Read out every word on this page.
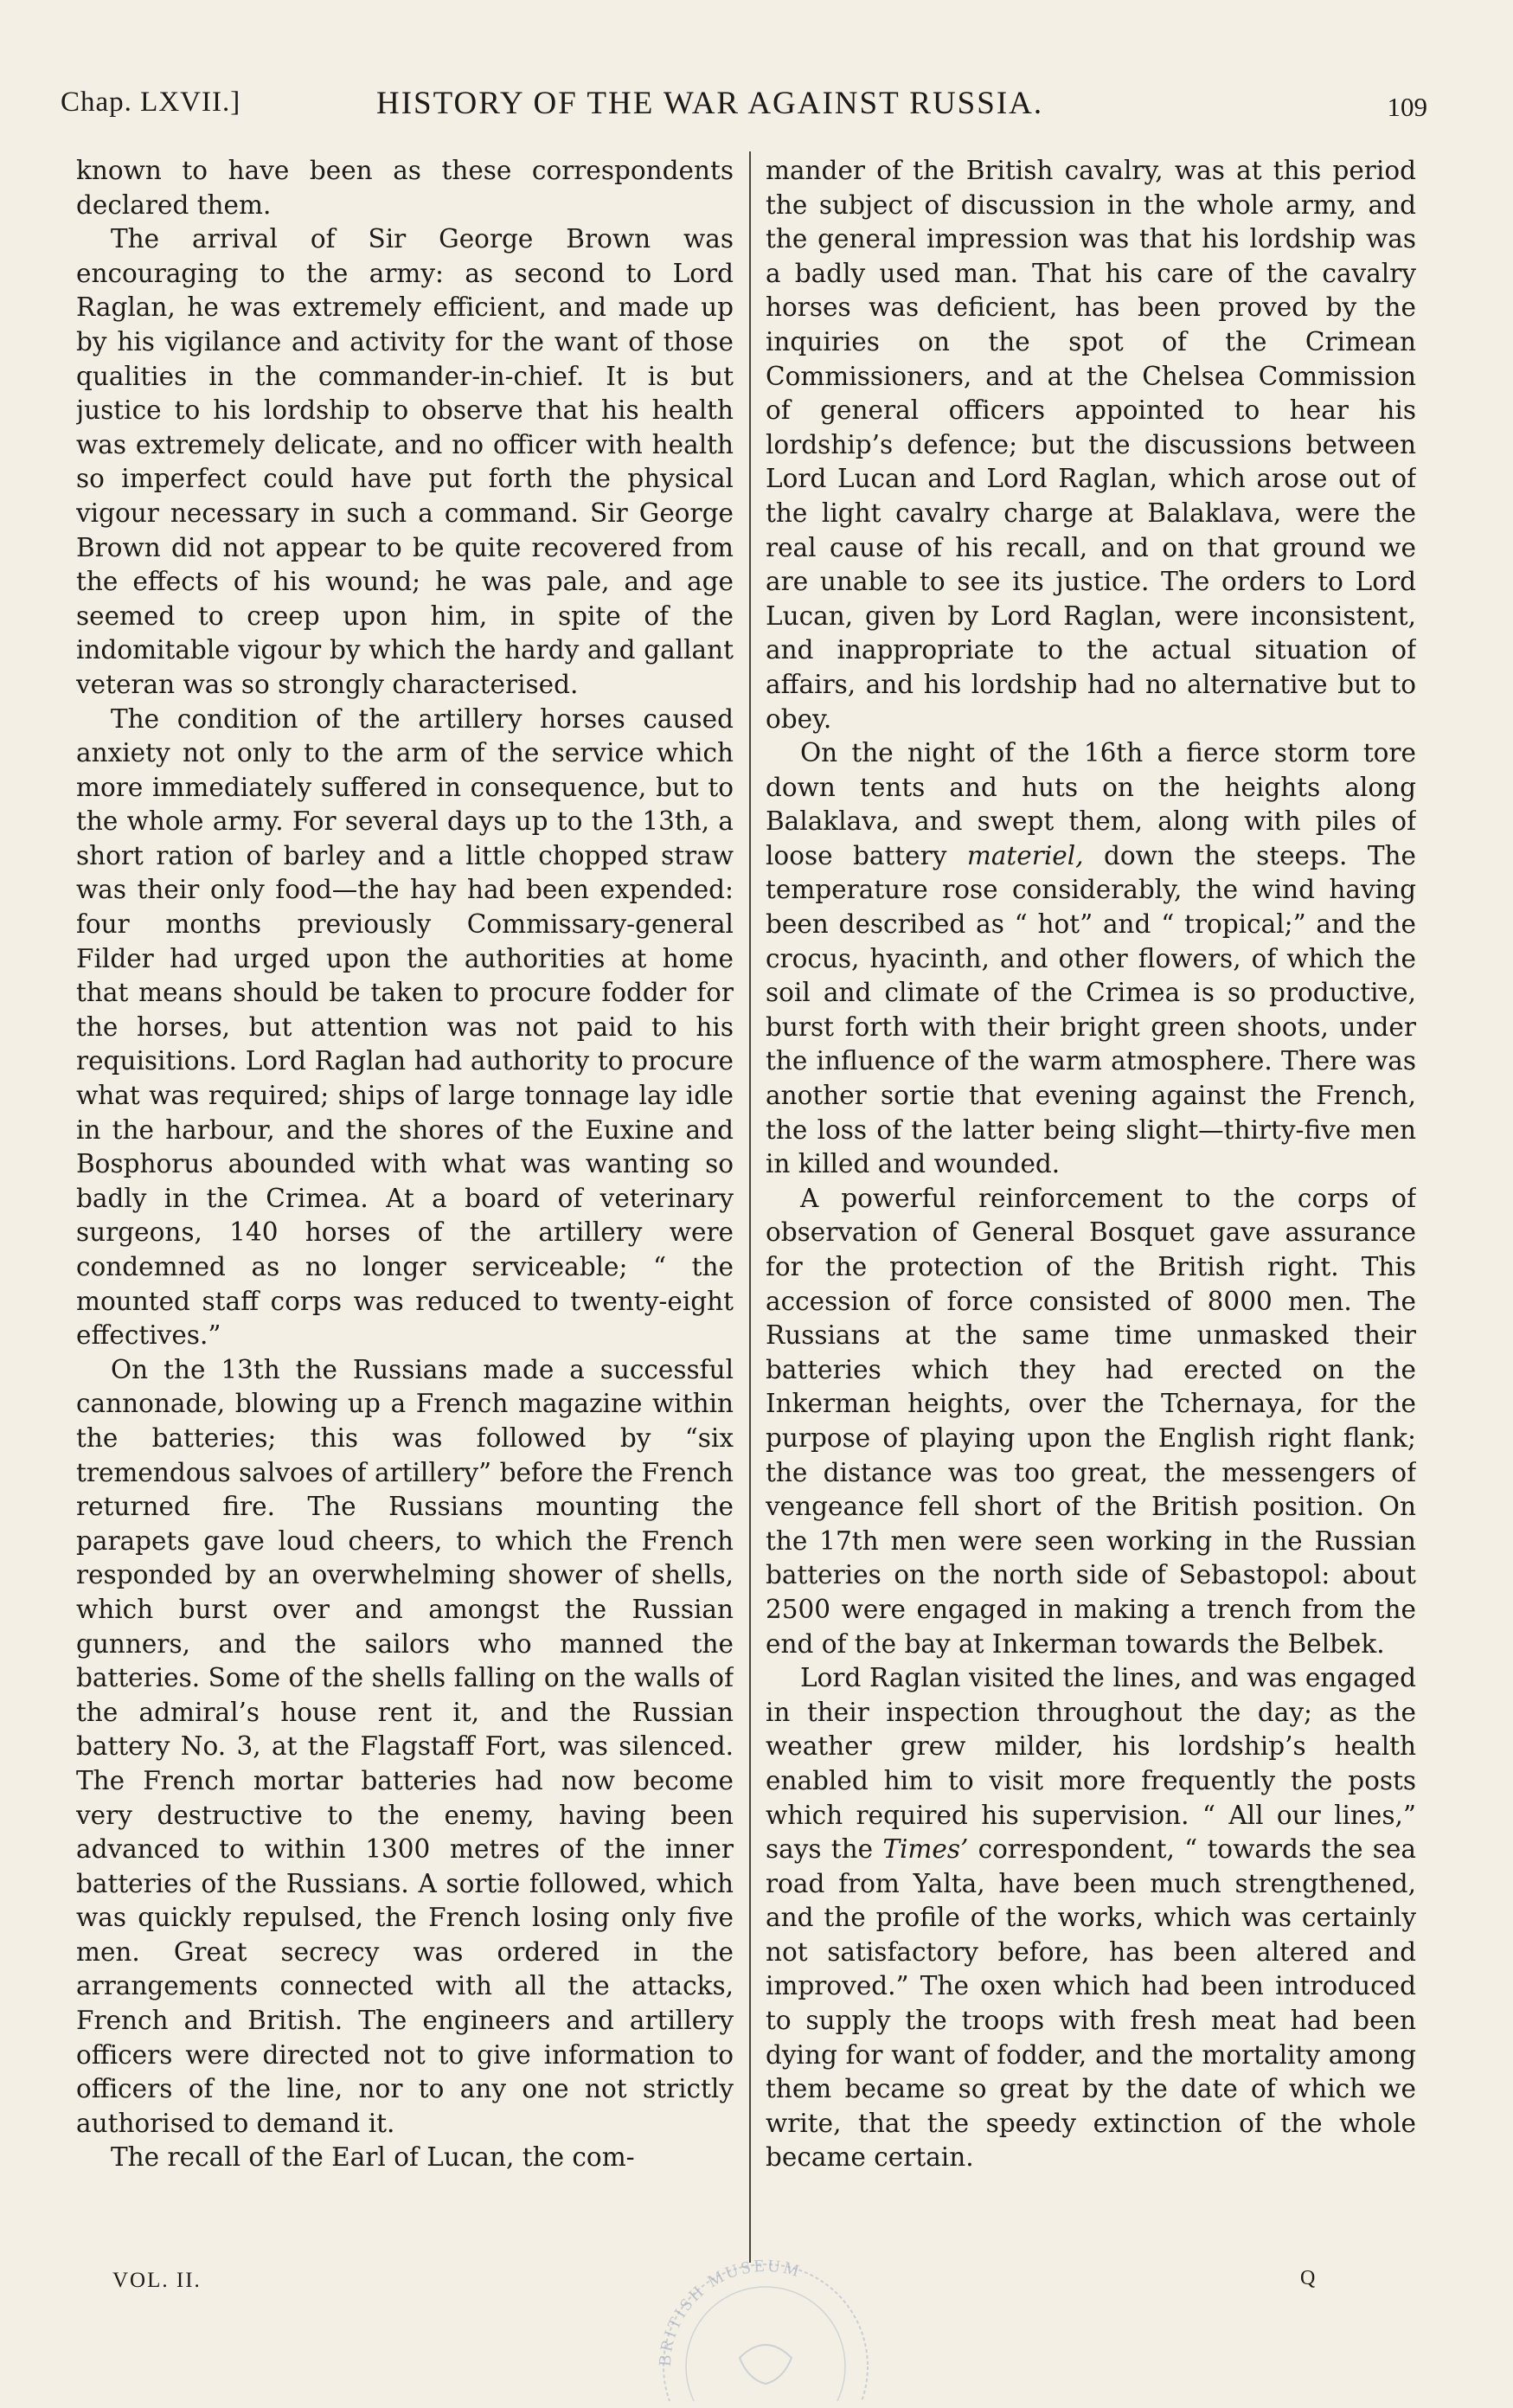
Chap. LXVII.]	HISTORY OF THE WAR AGAINST RUSSIA.	109

known to have been as these correspondents declared them.

The arrival of Sir George Brown was encouraging to the army: as second to Lord Raglan, he was extremely efficient, and made up by his vigilance and activity for the want of those qualities in the commander-in-chief. It is but justice to his lordship to observe that his health was extremely delicate, and no officer with health so imperfect could have put forth the physical vigour necessary in such a command. Sir George Brown did not appear to be quite recovered from the effects of his wound; he was pale, and age seemed to creep upon him, in spite of the indomitable vigour by which the hardy and gallant veteran was so strongly characterised.

The condition of the artillery horses caused anxiety not only to the arm of the service which more immediately suffered in consequence, but to the whole army. For several days up to the 13th, a short ration of barley and a little chopped straw was their only food—the hay had been expended: four months previously Commissary-general Filder had urged upon the authorities at home that means should be taken to procure fodder for the horses, but attention was not paid to his requisitions. Lord Raglan had authority to procure what was required; ships of large tonnage lay idle in the harbour, and the shores of the Euxine and Bosphorus abounded with what was wanting so badly in the Crimea. At a board of veterinary surgeons, 140 horses of the artillery were condemned as no longer serviceable; “ the mounted staff corps was reduced to twenty-eight effectives.”

On the 13th the Russians made a successful cannonade, blowing up a French magazine within the batteries; this was followed by “six tremendous salvoes of artillery” before the French returned fire. The Russians mounting the parapets gave loud cheers, to which the French responded by an overwhelming shower of shells, which burst over and amongst the Russian gunners, and the sailors who manned the batteries. Some of the shells falling on the walls of the admiral’s house rent it, and the Russian battery No. 3, at the Flagstaff Fort, was silenced. The French mortar batteries had now become very destructive to the enemy, having been advanced to within 1300 metres of the inner batteries of the Russians. A sortie followed, which was quickly repulsed, the French losing only five men. Great secrecy was ordered in the arrangements connected with all the attacks, French and British. The engineers and artillery officers were directed not to give information to officers of the line, nor to any one not strictly authorised to demand it.

The recall of the Earl of Lucan, the com-

mander of the British cavalry, was at this period the subject of discussion in the whole army, and the general impression was that his lordship was a badly used man. That his care of the cavalry horses was deficient, has been proved by the inquiries on the spot of the Crimean Commissioners, and at the Chelsea Commission of general officers appointed to hear his lordship’s defence; but the discussions between Lord Lucan and Lord Raglan, which arose out of the light cavalry charge at Balaklava, were the real cause of his recall, and on that ground we are unable to see its justice. The orders to Lord Lucan, given by Lord Raglan, were inconsistent, and inappropriate to the actual situation of affairs, and his lordship had no alternative but to obey.

On the night of the 16th a fierce storm tore down tents and huts on the heights along Balaklava, and swept them, along with piles of loose battery materiel, down the steeps. The temperature rose considerably, the wind having been described as “ hot” and “ tropical;” and the crocus, hyacinth, and other flowers, of which the soil and climate of the Crimea is so productive, burst forth with their bright green shoots, under the influence of the warm atmosphere. There was another sortie that evening against the French, the loss of the latter being slight—thirty-five men in killed and wounded.

A powerful reinforcement to the corps of observation of General Bosquet gave assurance for the protection of the British right. This accession of force consisted of 8000 men. The Russians at the same time unmasked their batteries which they had erected on the Inkerman heights, over the Tchernaya, for the purpose of playing upon the English right flank; the distance was too great, the messengers of vengeance fell short of the British position. On the 17th men were seen working in the Russian batteries on the north side of Sebastopol: about 2500 were engaged in making a trench from the end of the bay at Inkerman towards the Belbek.

Lord Raglan visited the lines, and was engaged in their inspection throughout the day; as the weather grew milder, his lordship’s health enabled him to visit more frequently the posts which required his supervision. “ All our lines,” says the Times’ correspondent, “ towards the sea road from Yalta, have been much strengthened, and the profile of the works, which was certainly not satisfactory before, has been altered and improved.” The oxen which had been introduced to supply the troops with fresh meat had been dying for want of fodder, and the mortality among them became so great by the date of which we write, that the speedy extinction of the whole became certain.

VOL. II.	Q
BRITISH MUSEUM
